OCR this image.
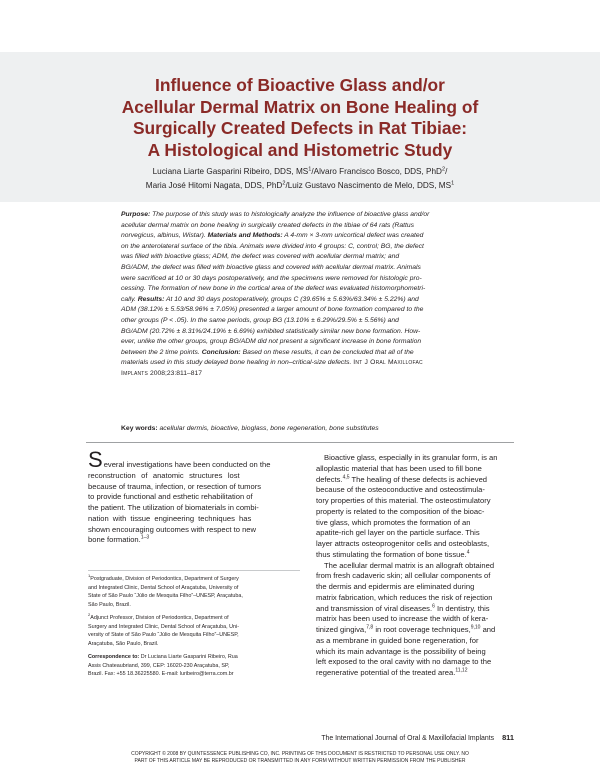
Influence of Bioactive Glass and/or
Acellular Dermal Matrix on Bone Healing of
Surgically Created Defects in Rat Tibiae:
A Histological and Histometric Study
Luciana Liarte Gasparini Ribeiro, DDS, $MS^1$/Alvaro Francisco Bosco, DDS, PhD$^2$/
Maria José Hitomi Nagata, DDS, PhD$^2$/Luiz Gustavo Nascimento de Melo, DDS, $MS^1$
Purpose: The purpose of this study was to histologically analyze the influence of bioactive glass and/or
acellular dermal matrix on bone healing in surgically created defects in the tibiae of 64 rats (Rattus
norvegicus, albinus, Wistar). Materials and Methods: A 4-mm × 3-mm unicortical defect was created
on the anterolateral surface of the tibia. Animals were divided into 4 groups: C, control; BG, the defect
was filled with bioactive glass; ADM, the defect was covered with acellular dermal matrix; and
BG/ADM, the defect was filled with bioactive glass and covered with acellular dermal matrix. Animals
were sacrificed at 10 or 30 days postoperatively, and the specimens were removed for histologic pro-
cessing. The formation of new bone in the cortical area of the defect was evaluated histomorphometri-
cally. Results: At 10 and 30 days postoperatively, groups C (39.65% ± 5.63%/63.34% ± 5.22%) and
ADM (38.12% ± 5.53/58.96% ± 7.05%) presented a larger amount of bone formation compared to the
other groups (P < .05). In the same periods, group BG (13.10% ± 6.29%/29.5% ± 5.56%) and
BG/ADM (20.72% ± 8.31%/24.19% ± 6.69%) exhibited statistically similar new bone formation. How-
ever, unlike the other groups, group BG/ADM did not present a significant increase in bone formation
between the 2 time points. Conclusion: Based on these results, it can be concluded that all of the
materials used in this study delayed bone healing in non–critical-size defects. Int J Oral Maxillofac
Implants 2008;23:811–817
Key words: acellular dermis, bioactive, bioglass, bone regeneration, bone substitutes
Several investigations have been conducted on the
reconstruction of anatomic structures lost
because of trauma, infection, or resection of tumors
to provide functional and esthetic rehabilitation of
the patient. The utilization of biomaterials in combi-
nation with tissue engineering techniques has
shown encouraging outcomes with respect to new
bone formation.$^{1-3}$
$^1$Postgraduate, Division of Periodontics, Department of Surgery
and Integrated Clinic, Dental School of Araçatuba, University of
State of São Paulo “Júlio de Mesquita Filho”–UNESP, Araçatuba,
São Paulo, Brazil.
$^2$Adjunct Professor, Division of Periodontics, Department of
Surgery and Integrated Clinic, Dental School of Araçatuba, Uni-
versity of State of São Paulo “Júlio de Mesquita Filho”–UNESP,
Araçatuba, São Paulo, Brazil.
Correspondence to: Dr Luciana Liarte Gasparini Ribeiro, Rua
Assis Chateaubriand, 399, CEP: 16020-230 Araçatuba, SP,
Brazil. Fax: +55 18.36225580. E-mail: luribeiro@terra.com.br
Bioactive glass, especially in its granular form, is an
alloplastic material that has been used to fill bone
defects.$^{4,5}$ The healing of these defects is achieved
because of the osteoconductive and osteostimula-
tory properties of this material. The osteostimulatory
property is related to the composition of the bioac-
tive glass, which promotes the formation of an
apatite-rich gel layer on the particle surface. This
layer attracts osteoprogenitor cells and osteoblasts,
thus stimulating the formation of bone tissue.$^4$
The acellular dermal matrix is an allograft obtained
from fresh cadaveric skin; all cellular components of
the dermis and epidermis are eliminated during
matrix fabrication, which reduces the risk of rejection
and transmission of viral diseases.$^6$ In dentistry, this
matrix has been used to increase the width of kera-
tinized gingiva,$^{7,8}$ in root coverage techniques,$^{9,10}$ and
as a membrane in guided bone regeneration, for
which its main advantage is the possibility of being
left exposed to the oral cavity with no damage to the
regenerative potential of the treated area.$^{11,12}$
The International Journal of Oral & Maxillofacial Implants 811
COPYRIGHT © 2008 BY QUINTESSENCE PUBLISHING CO, INC. PRINTING OF THIS DOCUMENT IS RESTRICTED TO PERSONAL USE ONLY. NO
PART OF THIS ARTICLE MAY BE REPRODUCED OR TRANSMITTED IN ANY FORM WITHOUT WRITTEN PERMISSION FROM THE PUBLISHER
